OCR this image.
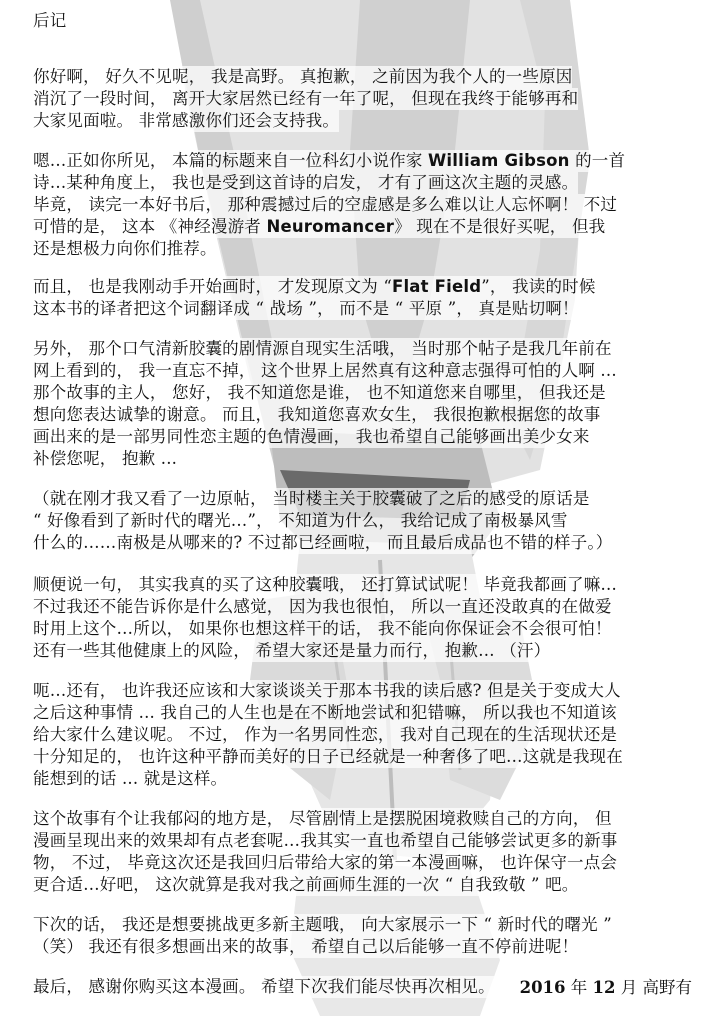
后记
你好啊， 好久不见呢， 我是高野。 真抱歉， 之前因为我个人的一些原因
消沉了一段时间， 离开大家居然已经有一年了呢， 但现在我终于能够再和
大家见面啦。 非常感激你们还会支持我。
嗯…正如你所见， 本篇的标题来自一位科幻小说作家 William Gibson 的一首
诗…某种角度上， 我也是受到这首诗的启发， 才有了画这次主题的灵感。
毕竟， 读完一本好书后， 那种震撼过后的空虚感是多么难以让人忘怀啊！ 不过
可惜的是， 这本 《神经漫游者 Neuromancer》 现在不是很好买呢， 但我
还是想极力向你们推荐。
而且， 也是我刚动手开始画时， 才发现原文为 “Flat Field”， 我读的时候
这本书的译者把这个词翻译成 “ 战场 ”， 而不是 “ 平原 ”， 真是贴切啊！
另外， 那个口气清新胶囊的剧情源自现实生活哦， 当时那个帖子是我几年前在
网上看到的， 我一直忘不掉， 这个世界上居然真有这种意志强得可怕的人啊 ...
那个故事的主人， 您好， 我不知道您是谁， 也不知道您来自哪里， 但我还是
想向您表达诚挚的谢意。 而且， 我知道您喜欢女生， 我很抱歉根据您的故事
画出来的是一部男同性恋主题的色情漫画， 我也希望自己能够画出美少女来
补偿您呢， 抱歉 ...
（就在刚才我又看了一边原帖， 当时楼主关于胶囊破了之后的感受的原话是
“ 好像看到了新时代的曙光…”， 不知道为什么， 我给记成了南极暴风雪
什么的……南极是从哪来的? 不过都已经画啦， 而且最后成品也不错的样子。）
顺便说一句， 其实我真的买了这种胶囊哦， 还打算试试呢！ 毕竟我都画了嘛…
不过我还不能告诉你是什么感觉， 因为我也很怕， 所以一直还没敢真的在做爱
时用上这个…所以， 如果你也想这样干的话， 我不能向你保证会不会很可怕！
还有一些其他健康上的风险， 希望大家还是量力而行， 抱歉… （汗）
呃…还有， 也许我还应该和大家谈谈关于那本书我的读后感? 但是关于变成大人
之后这种事情 ... 我自己的人生也是在不断地尝试和犯错嘛， 所以我也不知道该
给大家什么建议呢。 不过， 作为一名男同性恋， 我对自己现在的生活现状还是
十分知足的， 也许这种平静而美好的日子已经就是一种奢侈了吧…这就是我现在
能想到的话 ... 就是这样。
这个故事有个让我郁闷的地方是， 尽管剧情上是摆脱困境救赎自己的方向， 但
漫画呈现出来的效果却有点老套呢…我其实一直也希望自己能够尝试更多的新事
物， 不过， 毕竟这次还是我回归后带给大家的第一本漫画嘛， 也许保守一点会
更合适…好吧， 这次就算是我对我之前画师生涯的一次 “ 自我致敬 ” 吧。
下次的话， 我还是想要挑战更多新主题哦， 向大家展示一下 “ 新时代的曙光 ”
（笑） 我还有很多想画出来的故事， 希望自己以后能够一直不停前进呢！
最后， 感谢你购买这本漫画。 希望下次我们能尽快再次相见。 2016 年 12 月 高野有
